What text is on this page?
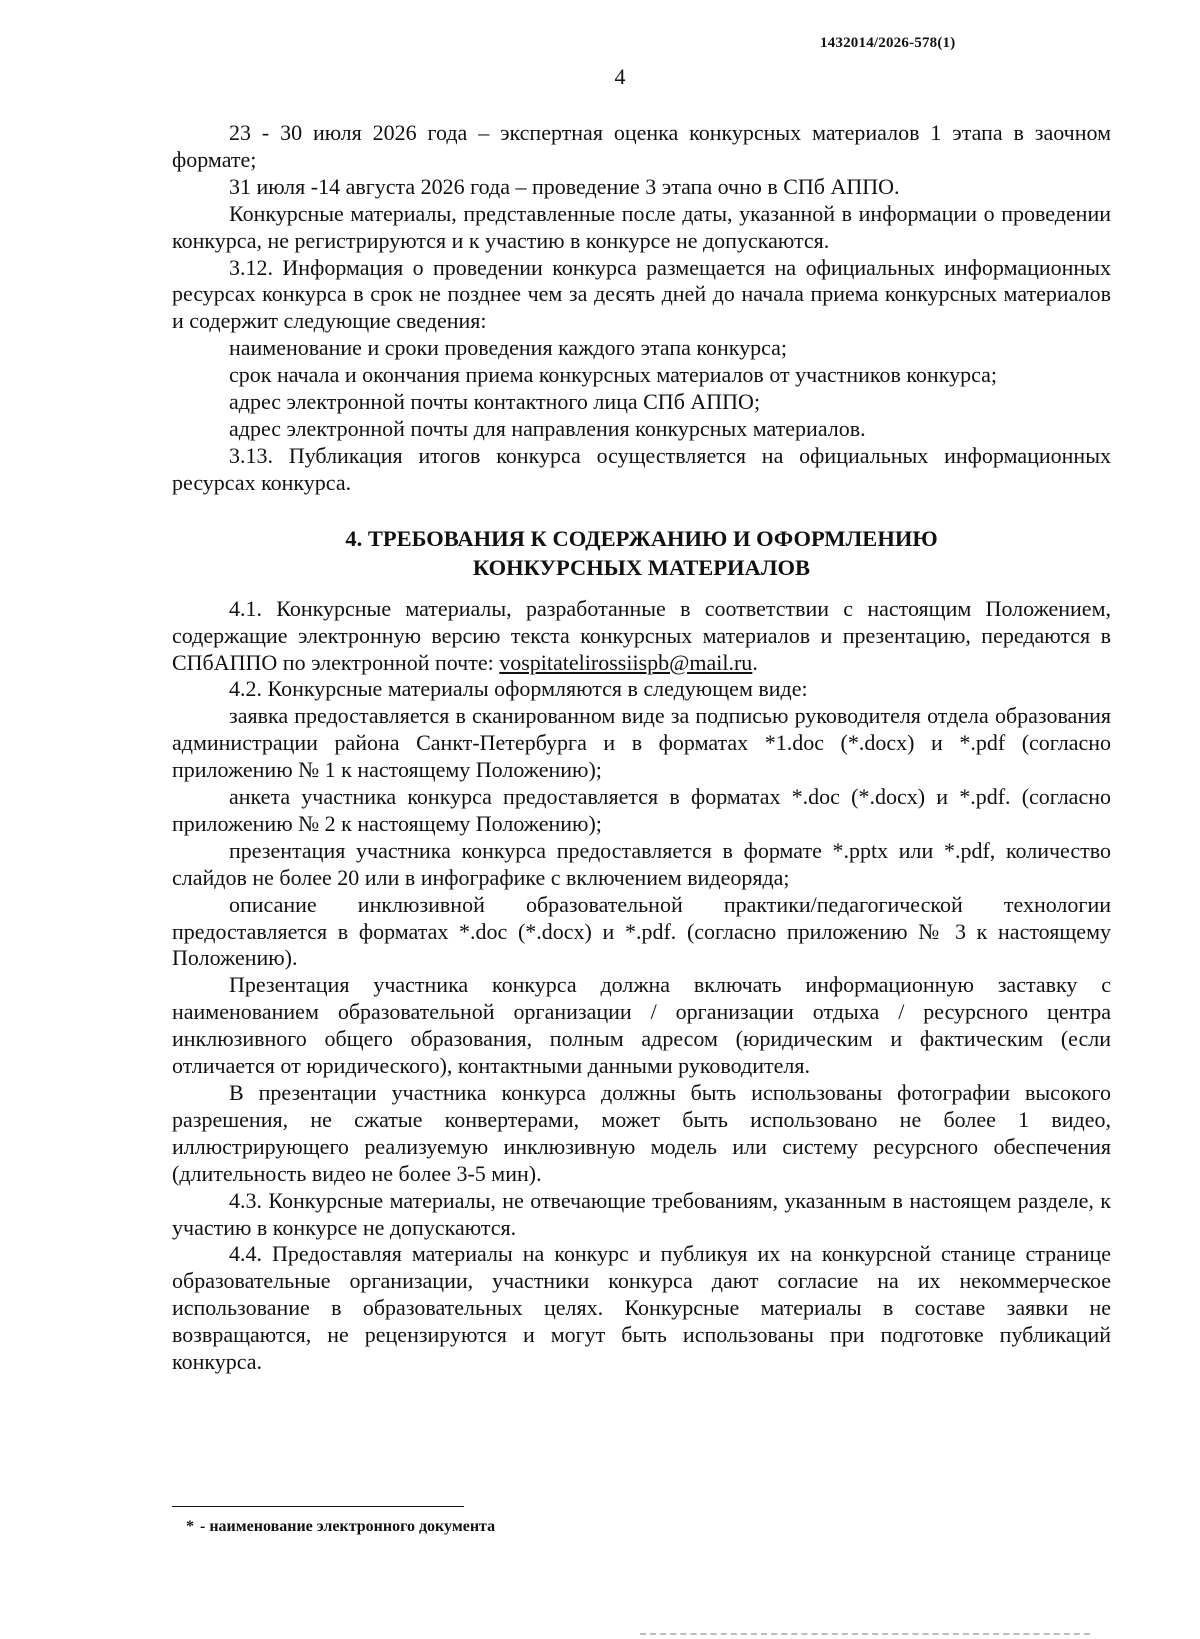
1432014/2026-578(1)
4

23 - 30 июля 2026 года – экспертная оценка конкурсных материалов 1 этапа в заочном формате;

31 июля -14 августа 2026 года – проведение 3 этапа очно в СПб АППО.

Конкурсные материалы, представленные после даты, указанной в информации о проведении конкурса, не регистрируются и к участию в конкурсе не допускаются.

3.12. Информация о проведении конкурса размещается на официальных информационных ресурсах конкурса в срок не позднее чем за десять дней до начала приема конкурсных материалов и содержит следующие сведения:

наименование и сроки проведения каждого этапа конкурса;

срок начала и окончания приема конкурсных материалов от участников конкурса;

адрес электронной почты контактного лица СПб АППО;

адрес электронной почты для направления конкурсных материалов.

3.13. Публикация итогов конкурса осуществляется на официальных информационных ресурсах конкурса.

4. ТРЕБОВАНИЯ К СОДЕРЖАНИЮ И ОФОРМЛЕНИЮ
КОНКУРСНЫХ МАТЕРИАЛОВ

4.1. Конкурсные материалы, разработанные в соответствии с настоящим Положением, содержащие электронную версию текста конкурсных материалов и презентацию, передаются в СПбАППО по электронной почте: vospitatelirossiispb@mail.ru.

4.2. Конкурсные материалы оформляются в следующем виде:

заявка предоставляется в сканированном виде за подписью руководителя отдела образования администрации района Санкт-Петербурга и в форматах *1.doc (*.docx) и *.pdf (согласно приложению № 1 к настоящему Положению);

анкета участника конкурса предоставляется в форматах *.doc (*.docx) и *.pdf. (согласно приложению № 2 к настоящему Положению);

презентация участника конкурса предоставляется в формате *.pptx или *.pdf, количество слайдов не более 20 или в инфографике с включением видеоряда;

описание инклюзивной образовательной практики/педагогической технологии предоставляется в форматах *.doc (*.docx) и *.pdf. (согласно приложению № 3 к настоящему Положению).

Презентация участника конкурса должна включать информационную заставку с наименованием образовательной организации / организации отдыха / ресурсного центра инклюзивного общего образования, полным адресом (юридическим и фактическим (если отличается от юридического), контактными данными руководителя.

В презентации участника конкурса должны быть использованы фотографии высокого разрешения, не сжатые конвертерами, может быть использовано не более 1 видео, иллюстрирующего реализуемую инклюзивную модель или систему ресурсного обеспечения (длительность видео не более 3-5 мин).

4.3. Конкурсные материалы, не отвечающие требованиям, указанным в настоящем разделе, к участию в конкурсе не допускаются.

4.4. Предоставляя материалы на конкурс и публикуя их на конкурсной станице странице образовательные организации, участники конкурса дают согласие на их некоммерческое использование в образовательных целях. Конкурсные материалы в составе заявки не возвращаются, не рецензируются и могут быть использованы при подготовке публикаций конкурса.

* - наименование электронного документа
